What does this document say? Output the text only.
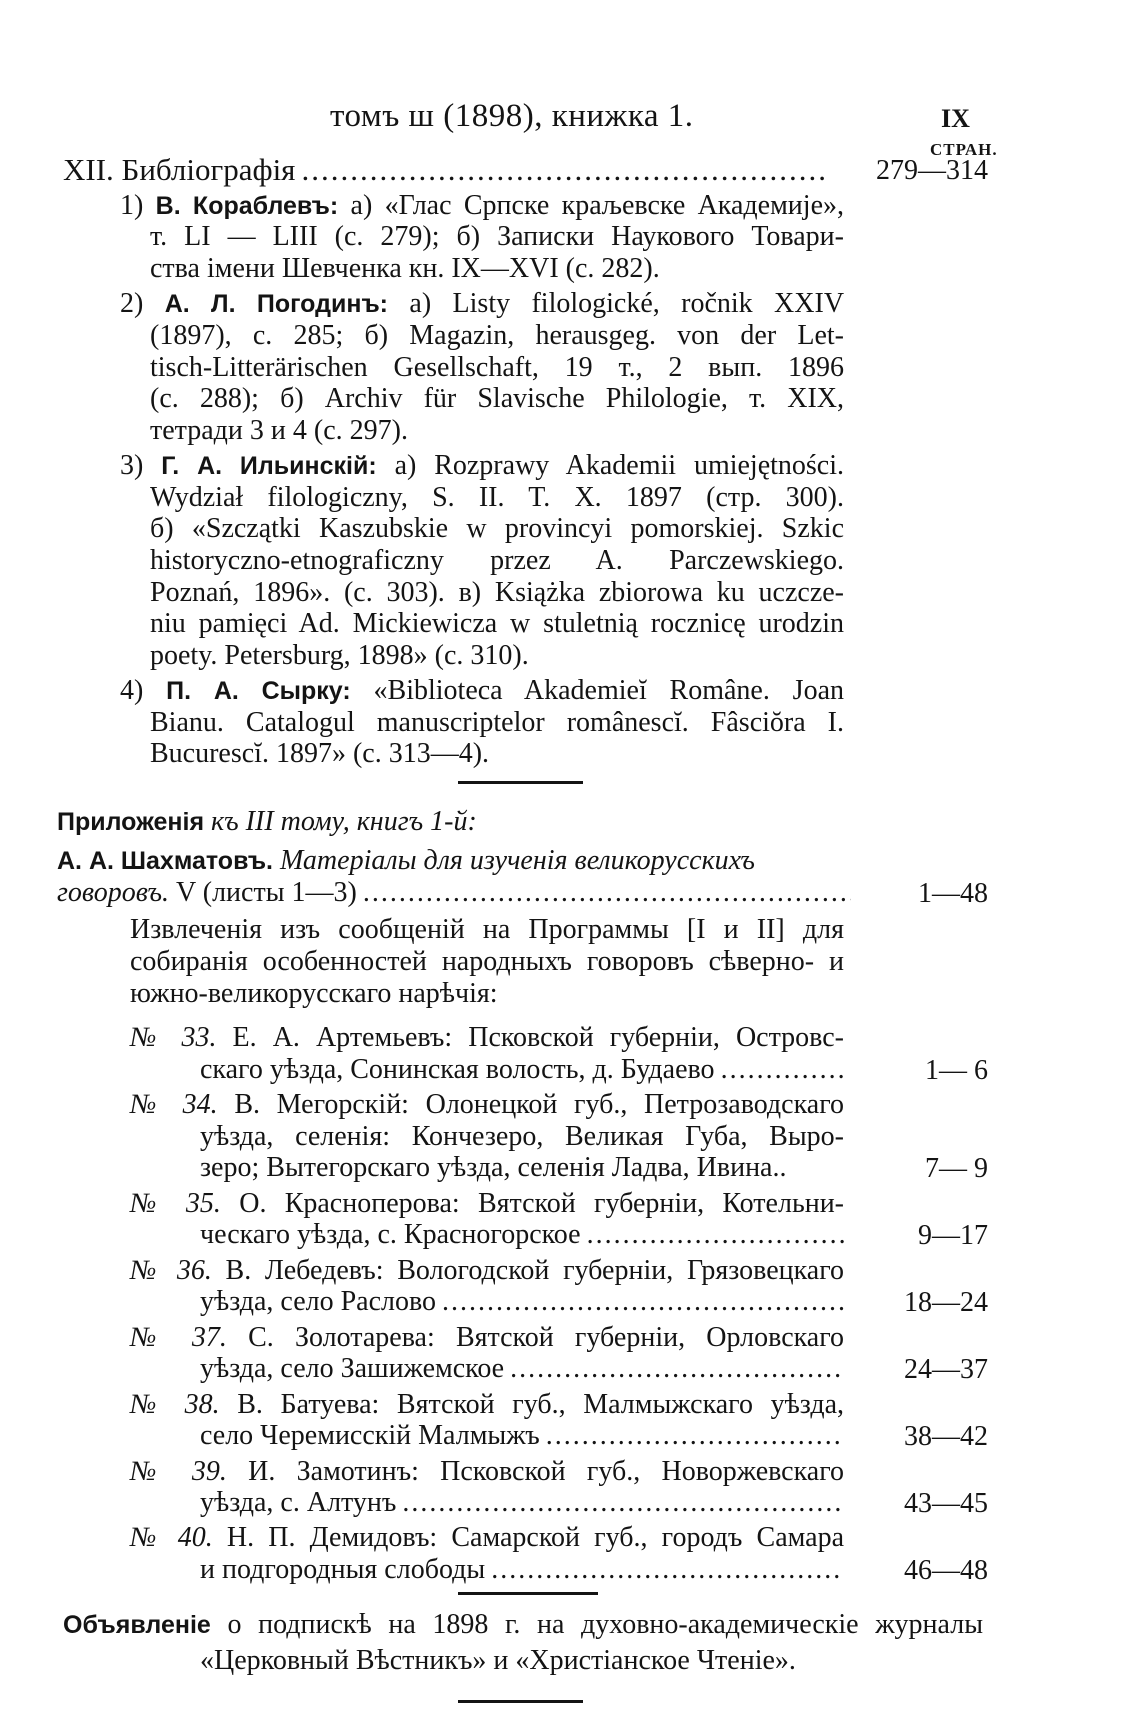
томъ ш (1898), книжка 1.	IX
СТРАН.
XII. Библіографія .....	279—314
1) В. Кораблевъ: а) «Глас Српске краљевске Академије»,
т. LI — LIII (с. 279); б) Записки Наукового Товари-
ства імени Шевченка кн. IX—XVI (с. 282).
2) А. Л. Погодинъ: а) Listy filologické, ročnik XXIV
(1897), с. 285; б) Magazin, herausgeg. von der Let-
tisch-Litterärischen Gesellschaft, 19 т., 2 вып. 1896
(с. 288); б) Archiv für Slavische Philologie, т. XIX,
тетради 3 и 4 (с. 297).
3) Г. А. Ильинскій: а) Rozprawy Akademii umiejętności.
Wydział filologiczny, S. II. T. X. 1897 (стр. 300).
б) «Szczątki Kaszubskie w provincyi pomorskiej. Szkic
historyczno-etnograficzny przez A. Parczewskiego.
Poznań, 1896». (с. 303). в) Książka zbiorowa ku uczcze-
niu pamięci Ad. Mickiewicza w stuletnią rocznicę urodzin
poety. Petersburg, 1898» (с. 310).
4) П. А. Сырку: «Biblioteca Akademieĭ Române. Joan
Bianu. Catalogul manuscriptelor românescĭ. Fâsciŏra I.
Bucurescĭ. 1897» (с. 313—4).
Приложенія къ III тому, книгъ 1-й:
А. А. Шахматовъ. Матеріалы для изученія великорусскихъ
говоровъ. V (листы 1—3) .....	1—48
Извлеченія изъ сообщеній на Программы [I и II] для
собиранія особенностей народныхъ говоровъ сѣверно- и
южно-великорусскаго нарѣчія:
№ 33. Е. А. Артемьевъ: Псковской губерніи, Островс-
скаго уѣзда, Сонинская волость, д. Будаево .....	1— 6
№ 34. В. Мегорскій: Олонецкой губ., Петрозаводскаго
уѣзда, селенія: Кончезеро, Великая Губа, Выро-
зеро; Вытегорскаго уѣзда, селенія Ладва, Ивина..	7— 9
№ 35. О. Красноперова: Вятской губерніи, Котельни-
ческаго уѣзда, с. Красногорское .....	9—17
№ 36. В. Лебедевъ: Вологодской губерніи, Грязовецкаго
уѣзда, село Раслово .....	18—24
№ 37. С. Золотарева: Вятской губерніи, Орловскаго
уѣзда, село Зашижемское .....	24—37
№ 38. В. Батуева: Вятской губ., Малмыжскаго уѣзда,
село Черемисскій Малмыжъ .....	38—42
№ 39. И. Замотинъ: Псковской губ., Новоржевскаго
уѣзда, с. Алтунъ .....	43—45
№ 40. Н. П. Демидовъ: Самарской губ., городъ Самара
и подгородныя слободы .....	46—48
Объявленіе о подпискѣ на 1898 г. на духовно-академическіе журналы
«Церковный Вѣстникъ» и «Христіанское Чтеніе».
